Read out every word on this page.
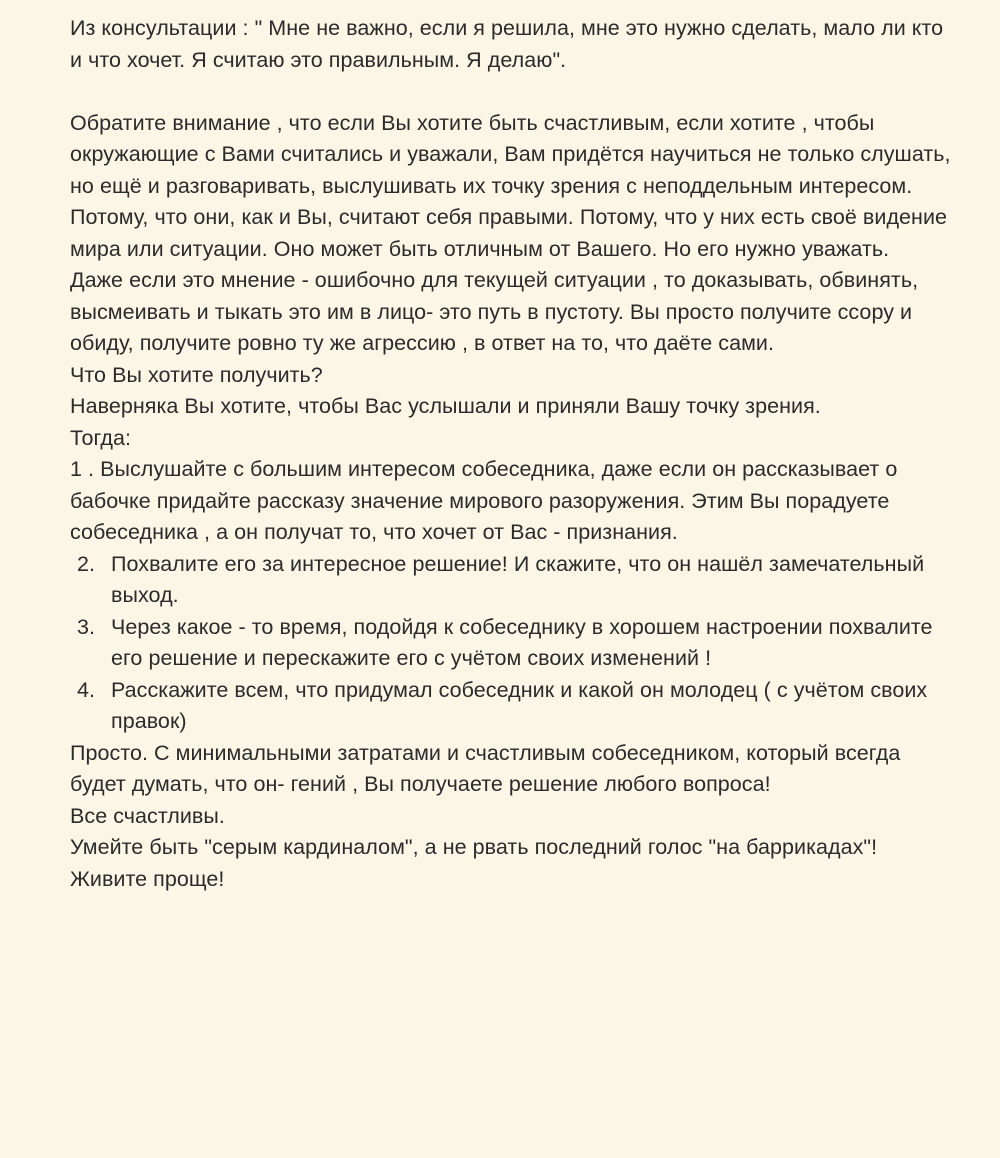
Из консультации : " Мне не важно, если я решила, мне это нужно сделать, мало ли кто и что хочет. Я считаю это правильным. Я делаю".

Обратите внимание , что если Вы хотите быть счастливым, если хотите , чтобы окружающие с Вами считались и уважали, Вам придётся научиться не только слушать, но ещё и разговаривать, выслушивать их точку зрения с неподдельным интересом.

Потому, что они, как и Вы, считают себя правыми. Потому, что у них есть своё видение мира или ситуации. Оно может быть отличным от Вашего. Но его нужно уважать.

Даже если это мнение - ошибочно для текущей ситуации , то доказывать, обвинять, высмеивать и тыкать это им в лицо- это путь в пустоту. Вы просто получите ссору и обиду, получите ровно ту же агрессию , в ответ на то, что даёте сами.

Что Вы хотите получить?

Наверняка Вы хотите, чтобы Вас услышали и приняли Вашу точку зрения.

Тогда:

1 . Выслушайте с большим интересом собеседника, даже если он рассказывает о бабочке придайте рассказу значение мирового разоружения. Этим Вы порадуете собеседника , а он получат то, что хочет от Вас - признания.

2. Похвалите его за интересное решение! И скажите, что он нашёл замечательный выход.
3. Через какое - то время, подойдя к собеседнику в хорошем настроении похвалите его решение и перескажите его с учётом своих изменений !
4. Расскажите всем, что придумал собеседник и какой он молодец ( с учётом своих правок)

Просто. С минимальными затратами и счастливым собеседником, который всегда будет думать, что он- гений , Вы получаете решение любого вопроса!

Все счастливы.

Умейте быть "серым кардиналом", а не рвать последний голос "на баррикадах"!

Живите проще!
